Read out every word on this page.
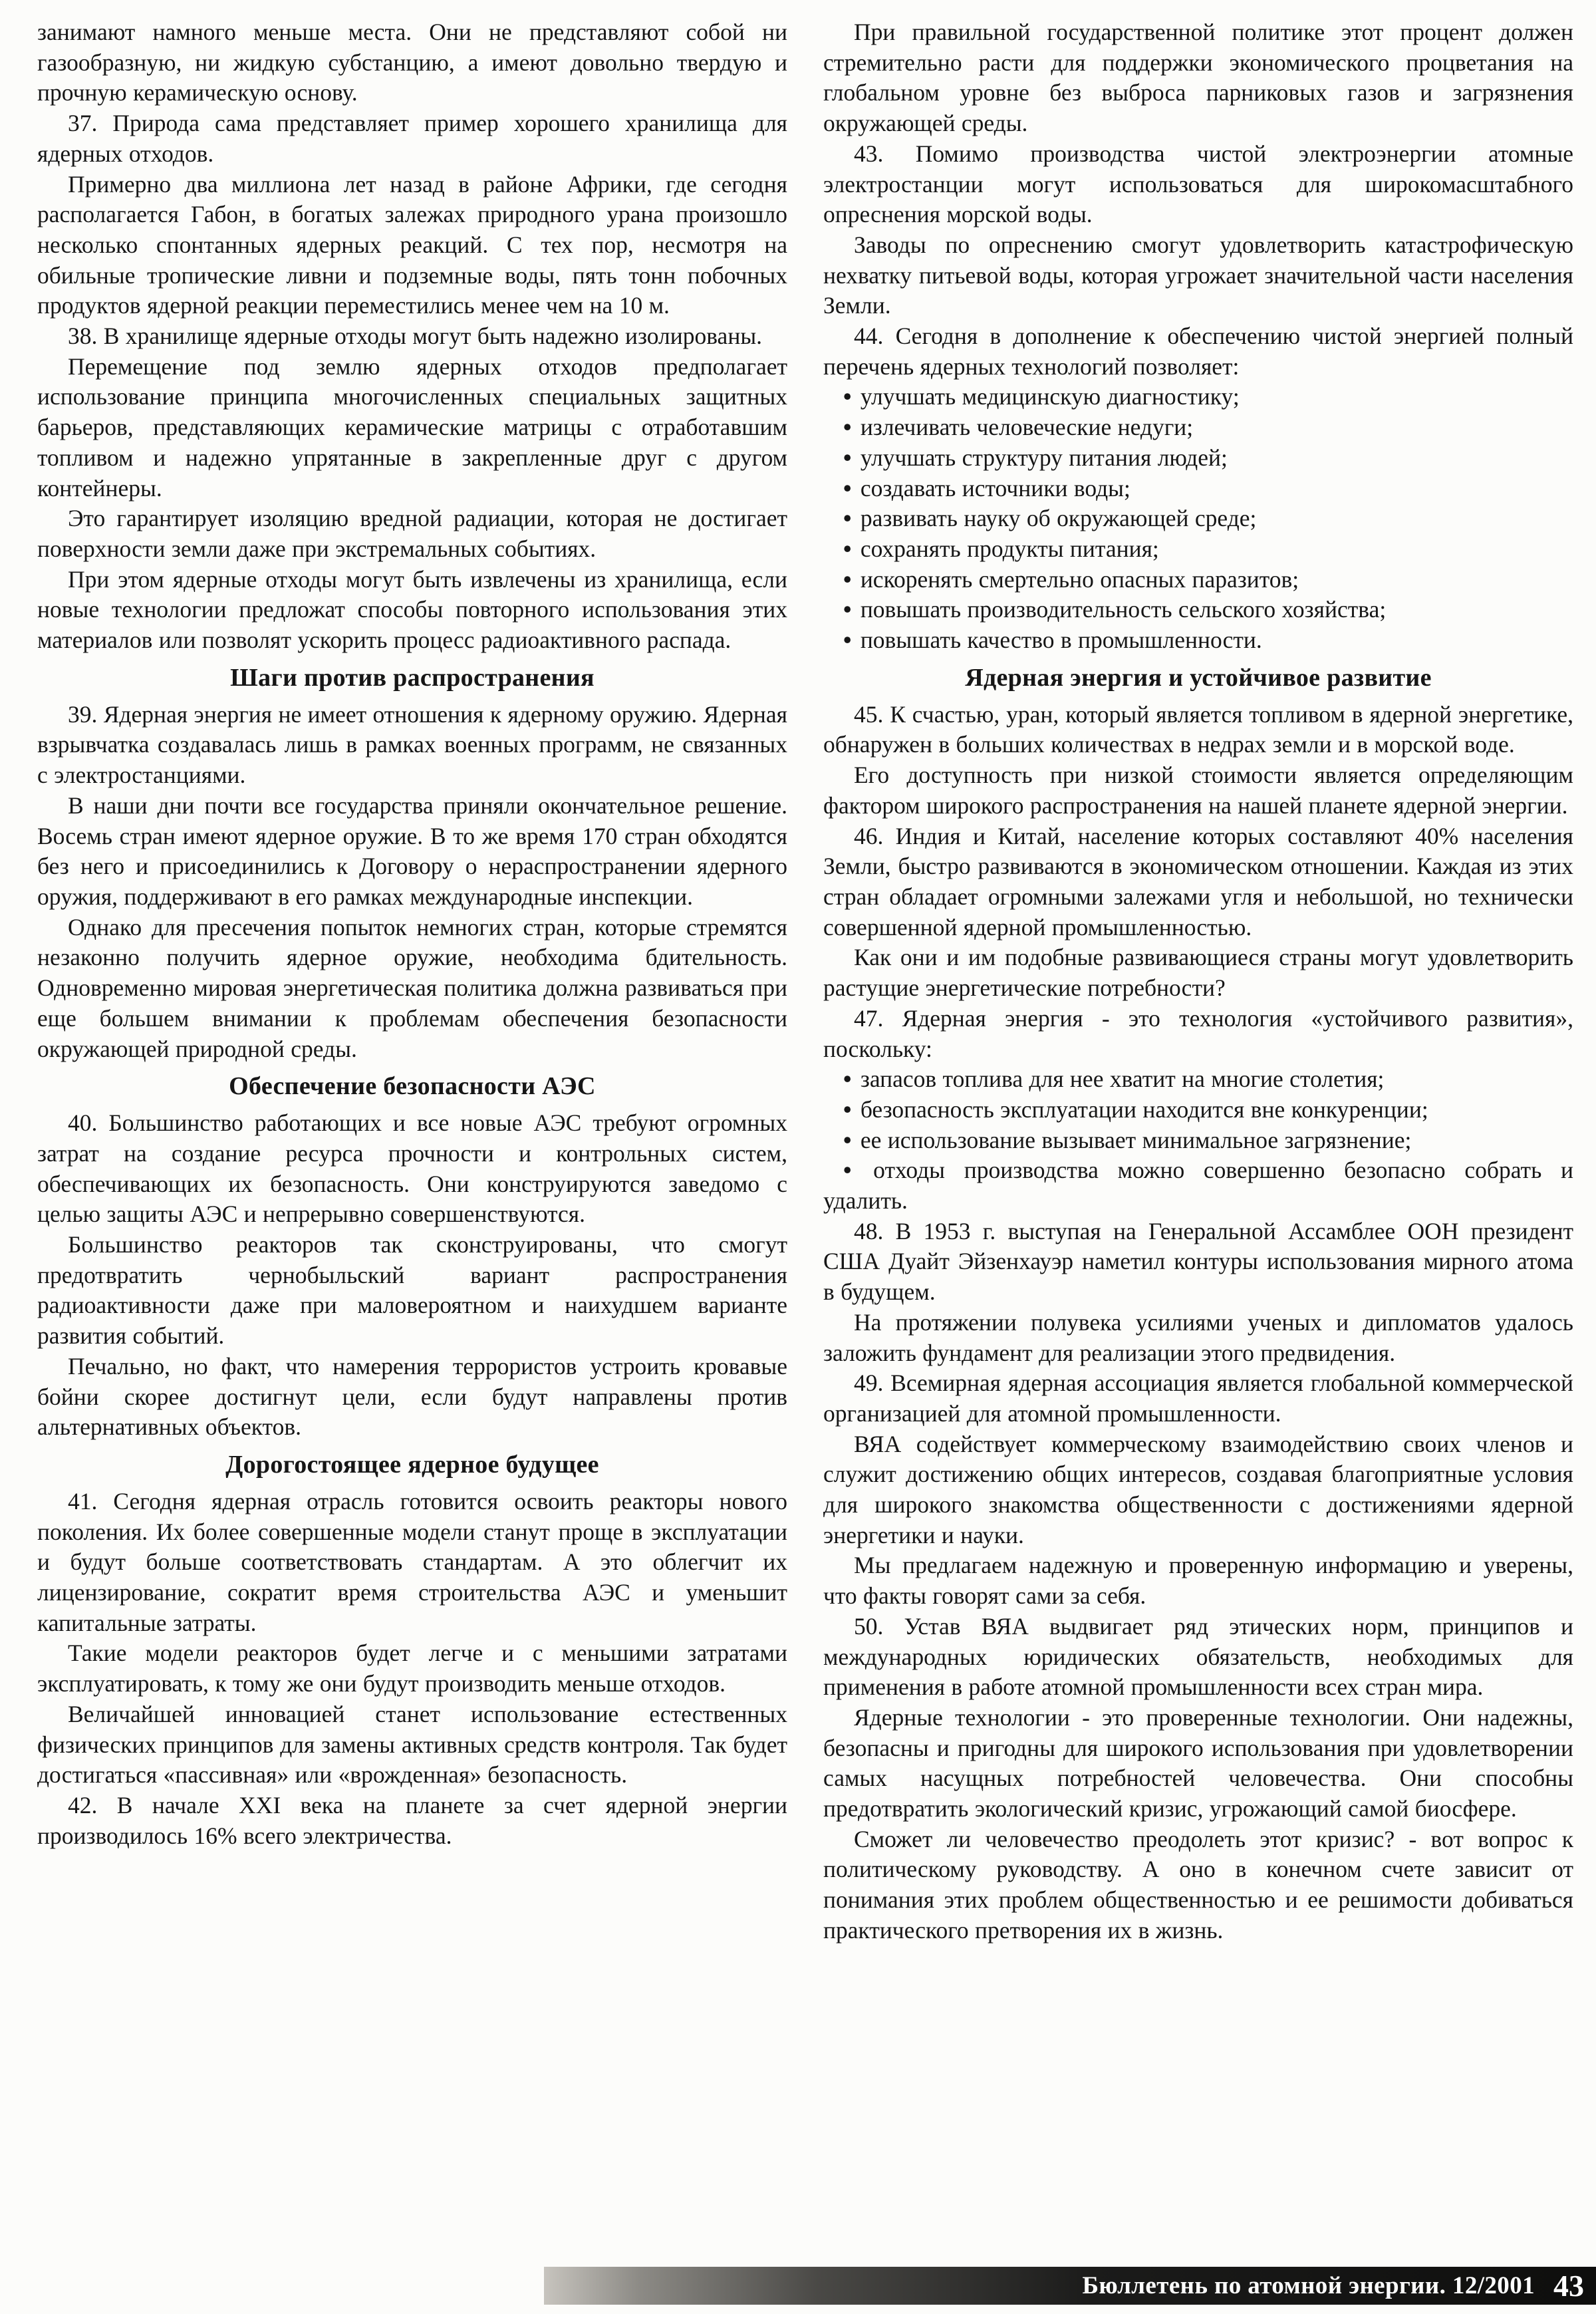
занимают намного меньше места. Они не представляют собой ни газообразную, ни жидкую субстанцию, а имеют довольно твердую и прочную керамическую основу.

37. Природа сама представляет пример хорошего хранилища для ядерных отходов.

Примерно два миллиона лет назад в районе Африки, где сегодня располагается Габон, в богатых залежах природного урана произошло несколько спонтанных ядерных реакций. С тех пор, несмотря на обильные тропические ливни и подземные воды, пять тонн побочных продуктов ядерной реакции переместились менее чем на 10 м.

38. В хранилище ядерные отходы могут быть надежно изолированы.

Перемещение под землю ядерных отходов предполагает использование принципа многочисленных специальных защитных барьеров, представляющих керамические матрицы с отработавшим топливом и надежно упрятанные в закрепленные друг с другом контейнеры.

Это гарантирует изоляцию вредной радиации, которая не достигает поверхности земли даже при экстремальных событиях.

При этом ядерные отходы могут быть извлечены из хранилища, если новые технологии предложат способы повторного использования этих материалов или позволят ускорить процесс радиоактивного распада.

Шаги против распространения

39. Ядерная энергия не имеет отношения к ядерному оружию. Ядерная взрывчатка создавалась лишь в рамках военных программ, не связанных с электростанциями.

В наши дни почти все государства приняли окончательное решение. Восемь стран имеют ядерное оружие. В то же время 170 стран обходятся без него и присоединились к Договору о нераспространении ядерного оружия, поддерживают в его рамках международные инспекции.

Однако для пресечения попыток немногих стран, которые стремятся незаконно получить ядерное оружие, необходима бдительность. Одновременно мировая энергетическая политика должна развиваться при еще большем внимании к проблемам обеспечения безопасности окружающей природной среды.

Обеспечение безопасности АЭС

40. Большинство работающих и все новые АЭС требуют огромных затрат на создание ресурса прочности и контрольных систем, обеспечивающих их безопасность. Они конструируются заведомо с целью защиты АЭС и непрерывно совершенствуются.

Большинство реакторов так сконструированы, что смогут предотвратить чернобыльский вариант распространения радиоактивности даже при маловероятном и наихудшем варианте развития событий.

Печально, но факт, что намерения террористов устроить кровавые бойни скорее достигнут цели, если будут направлены против альтернативных объектов.

Дорогостоящее ядерное будущее

41. Сегодня ядерная отрасль готовится освоить реакторы нового поколения. Их более совершенные модели станут проще в эксплуатации и будут больше соответствовать стандартам. А это облегчит их лицензирование, сократит время строительства АЭС и уменьшит капитальные затраты.

Такие модели реакторов будет легче и с меньшими затратами эксплуатировать, к тому же они будут производить меньше отходов.

Величайшей инновацией станет использование естественных физических принципов для замены активных средств контроля. Так будет достигаться «пассивная» или «врожденная» безопасность.

42. В начале XXI века на планете за счет ядерной энергии производилось 16% всего электричества.

При правильной государственной политике этот процент должен стремительно расти для поддержки экономического процветания на глобальном уровне без выброса парниковых газов и загрязнения окружающей среды.

43. Помимо производства чистой электроэнергии атомные электростанции могут использоваться для широкомасштабного опреснения морской воды.

Заводы по опреснению смогут удовлетворить катастрофическую нехватку питьевой воды, которая угрожает значительной части населения Земли.

44. Сегодня в дополнение к обеспечению чистой энергией полный перечень ядерных технологий позволяет:

• улучшать медицинскую диагностику;

• излечивать человеческие недуги;

• улучшать структуру питания людей;

• создавать источники воды;

• развивать науку об окружающей среде;

• сохранять продукты питания;

• искоренять смертельно опасных паразитов;

• повышать производительность сельского хозяйства;

• повышать качество в промышленности.

Ядерная энергия и устойчивое развитие

45. К счастью, уран, который является топливом в ядерной энергетике, обнаружен в больших количествах в недрах земли и в морской воде.

Его доступность при низкой стоимости является определяющим фактором широкого распространения на нашей планете ядерной энергии.

46. Индия и Китай, население которых составляют 40% населения Земли, быстро развиваются в экономическом отношении. Каждая из этих стран обладает огромными залежами угля и небольшой, но технически совершенной ядерной промышленностью.

Как они и им подобные развивающиеся страны могут удовлетворить растущие энергетические потребности?

47. Ядерная энергия - это технология «устойчивого развития», поскольку:

• запасов топлива для нее хватит на многие столетия;

• безопасность эксплуатации находится вне конкуренции;

• ее использование вызывает минимальное загрязнение;

• отходы производства можно совершенно безопасно собрать и удалить.

48. В 1953 г. выступая на Генеральной Ассамблее ООН президент США Дуайт Эйзенхауэр наметил контуры использования мирного атома в будущем.

На протяжении полувека усилиями ученых и дипломатов удалось заложить фундамент для реализации этого предвидения.

49. Всемирная ядерная ассоциация является глобальной коммерческой организацией для атомной промышленности.

ВЯА содействует коммерческому взаимодействию своих членов и служит достижению общих интересов, создавая благоприятные условия для широкого знакомства общественности с достижениями ядерной энергетики и науки.

Мы предлагаем надежную и проверенную информацию и уверены, что факты говорят сами за себя.

50. Устав ВЯА выдвигает ряд этических норм, принципов и международных юридических обязательств, необходимых для применения в работе атомной промышленности всех стран мира.

Ядерные технологии - это проверенные технологии. Они надежны, безопасны и пригодны для широкого использования при удовлетворении самых насущных потребностей человечества. Они способны предотвратить экологический кризис, угрожающий самой биосфере.

Сможет ли человечество преодолеть этот кризис? - вот вопрос к политическому руководству. А оно в конечном счете зависит от понимания этих проблем общественностью и ее решимости добиваться практического претворения их в жизнь.

Бюллетень по атомной энергии. 12/2001 43
